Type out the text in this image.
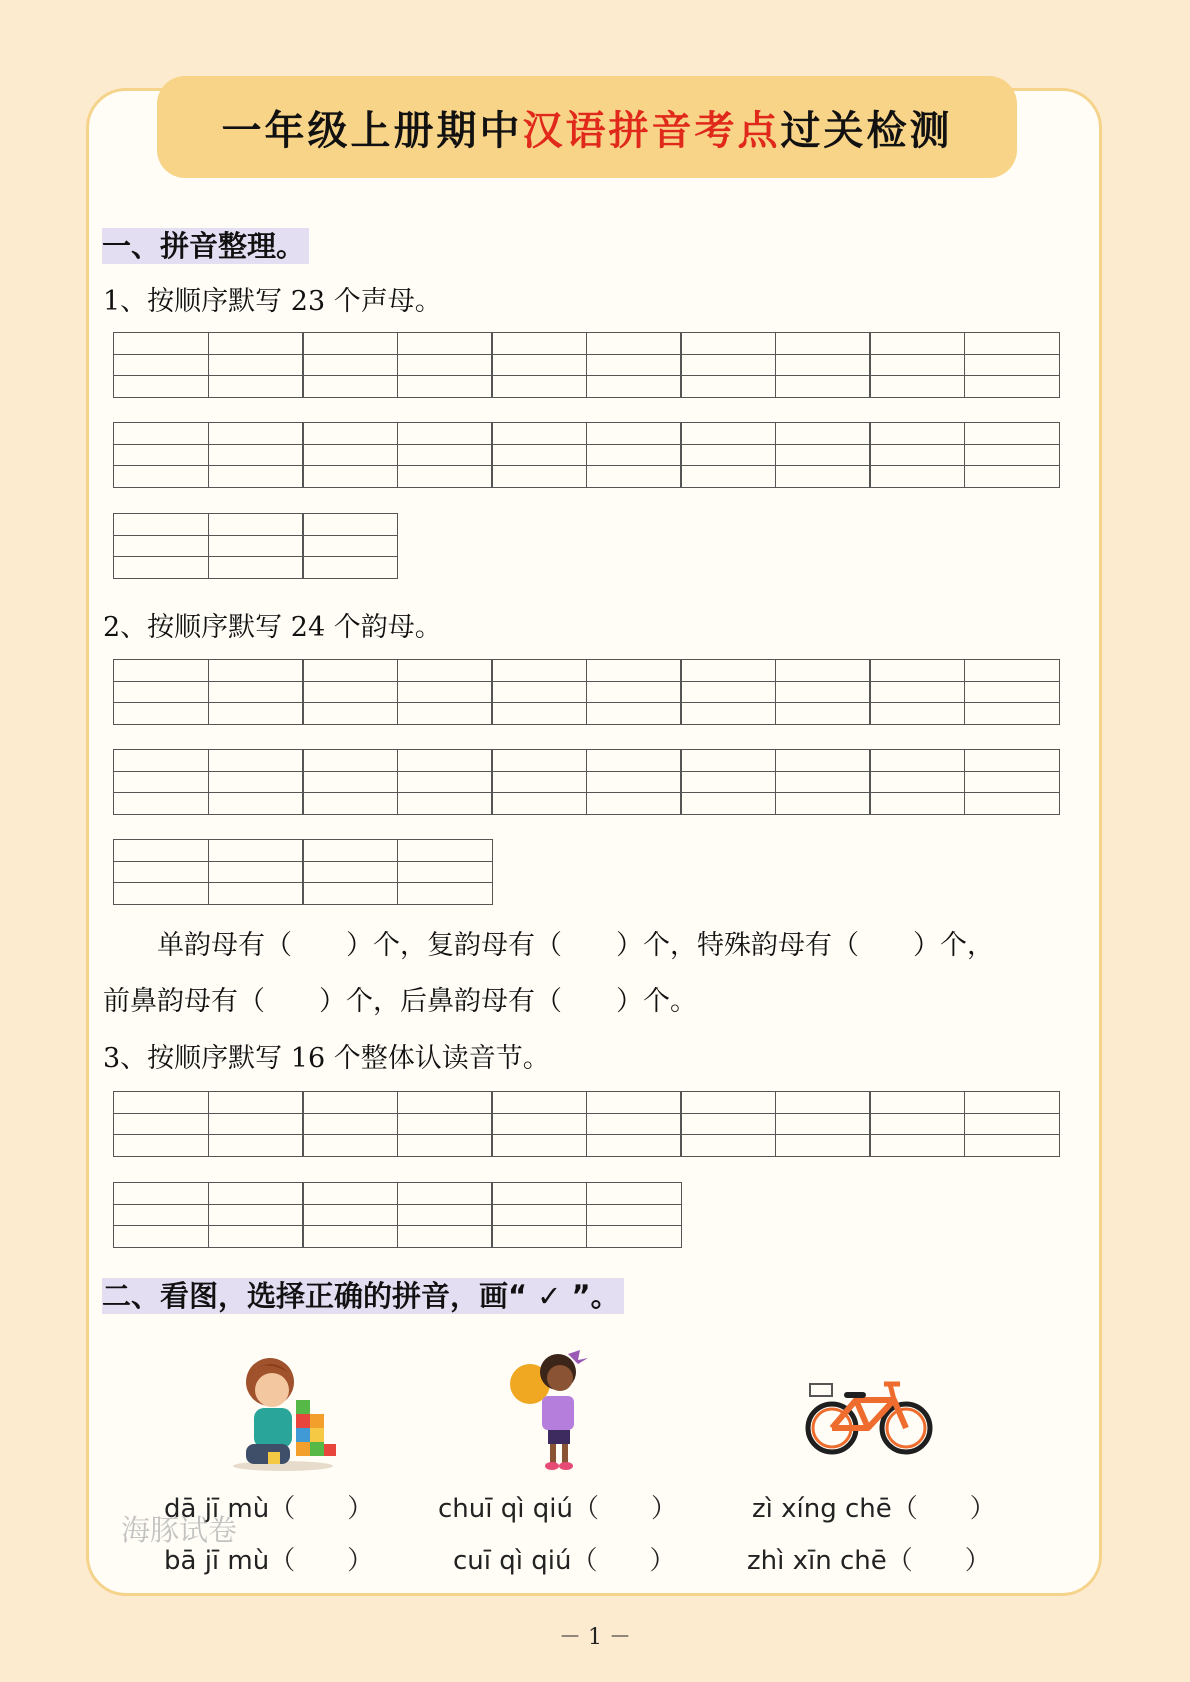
一年级上册期中 汉语拼音考点 过关检测
一、拼音整理。
1、按顺序默写 23 个声母。
2、按顺序默写 24 个韵母。
　　单韵母有（　　）个，复韵母有（　　）个，特殊韵母有（　　）个，
前鼻韵母有（　　）个，后鼻韵母有（　　）个。
3、按顺序默写 16 个整体认读音节。
二、看图，选择正确的拼音，画“ ✓ ”。
dā jī mù（　　）
bā jī mù（　　）
chuī qì qiú（　　）
cuī qì qiú（　　）
zì xíng chē（　　）
zhì xīn chē（　　）
海豚试卷
－ 1 －
